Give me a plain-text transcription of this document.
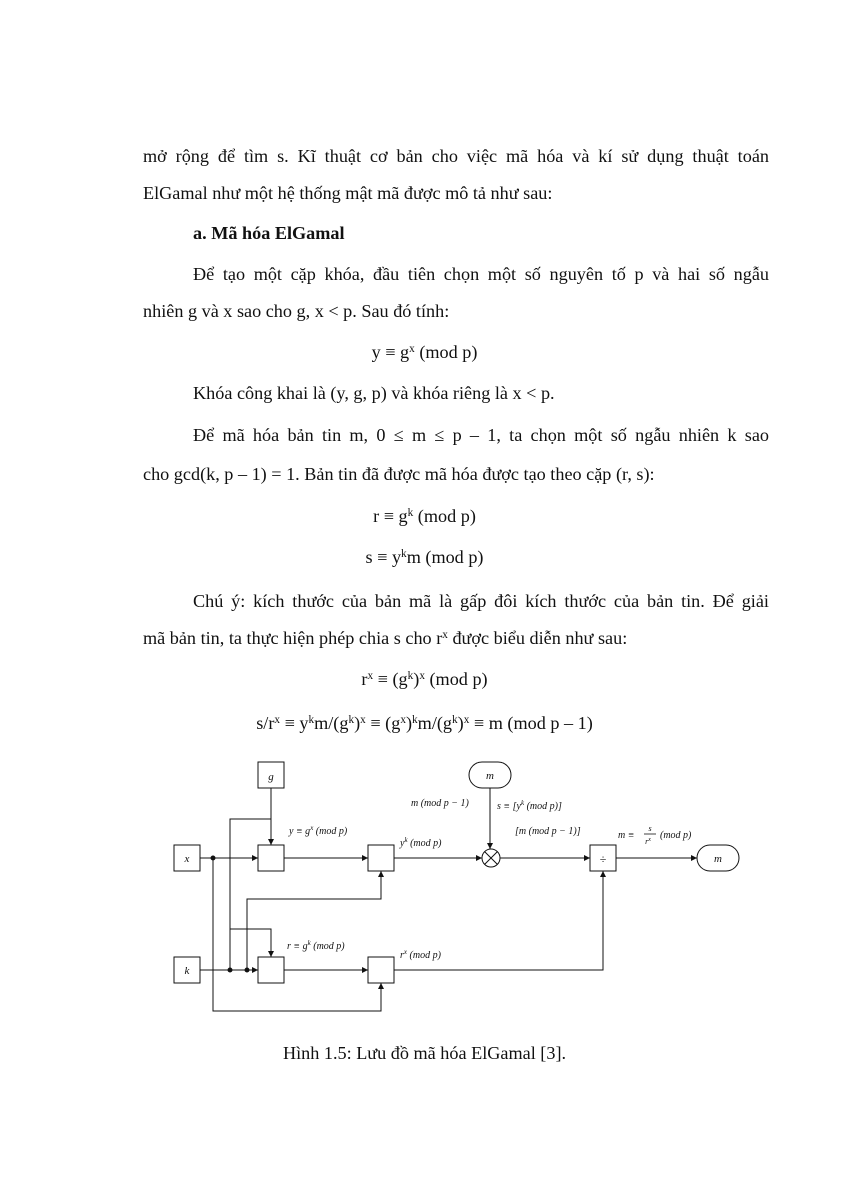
mở rộng để tìm s. Kĩ thuật cơ bản cho việc mã hóa và kí sử dụng thuật toán
ElGamal như một hệ thống mật mã được mô tả như sau:
a. Mã hóa ElGamal
Để tạo một cặp khóa, đầu tiên chọn một số nguyên tố p và hai số ngẫu
nhiên g và x sao cho g, x < p. Sau đó tính:
$y \equiv g^x$ (mod p)
Khóa công khai là (y, g, p) và khóa riêng là x < p.
Để mã hóa bản tin m, 0 ≤ m ≤ p – 1, ta chọn một số ngẫu nhiên k sao
cho gcd(k, p – 1) = 1. Bản tin đã được mã hóa được tạo theo cặp (r, s):
$r \equiv g^k$ (mod p)
$s \equiv y^km$ (mod p)
Chú ý: kích thước của bản mã là gấp đôi kích thước của bản tin. Để giải
mã bản tin, ta thực hiện phép chia s cho $r^x$ được biểu diễn như sau:
$r^x \equiv (g^k)^x$ (mod p)
$s/r^x \equiv y^km/(g^k)^x \equiv (g^x)^km/(g^k)^x \equiv m$ (mod p – 1)
g
x
k
m
m
÷
$y \equiv g^x$ (mod p)
$y^k$ (mod p)
m (mod p − 1)	$s \equiv [y^k$ (mod p)]
[m (mod p − 1)]	m ≡
s
$r^x$ (mod p)
$r \equiv g^k$ (mod p)
$r^x$ (mod p)
Hình 1.5: Lưu đồ mã hóa ElGamal [3].
